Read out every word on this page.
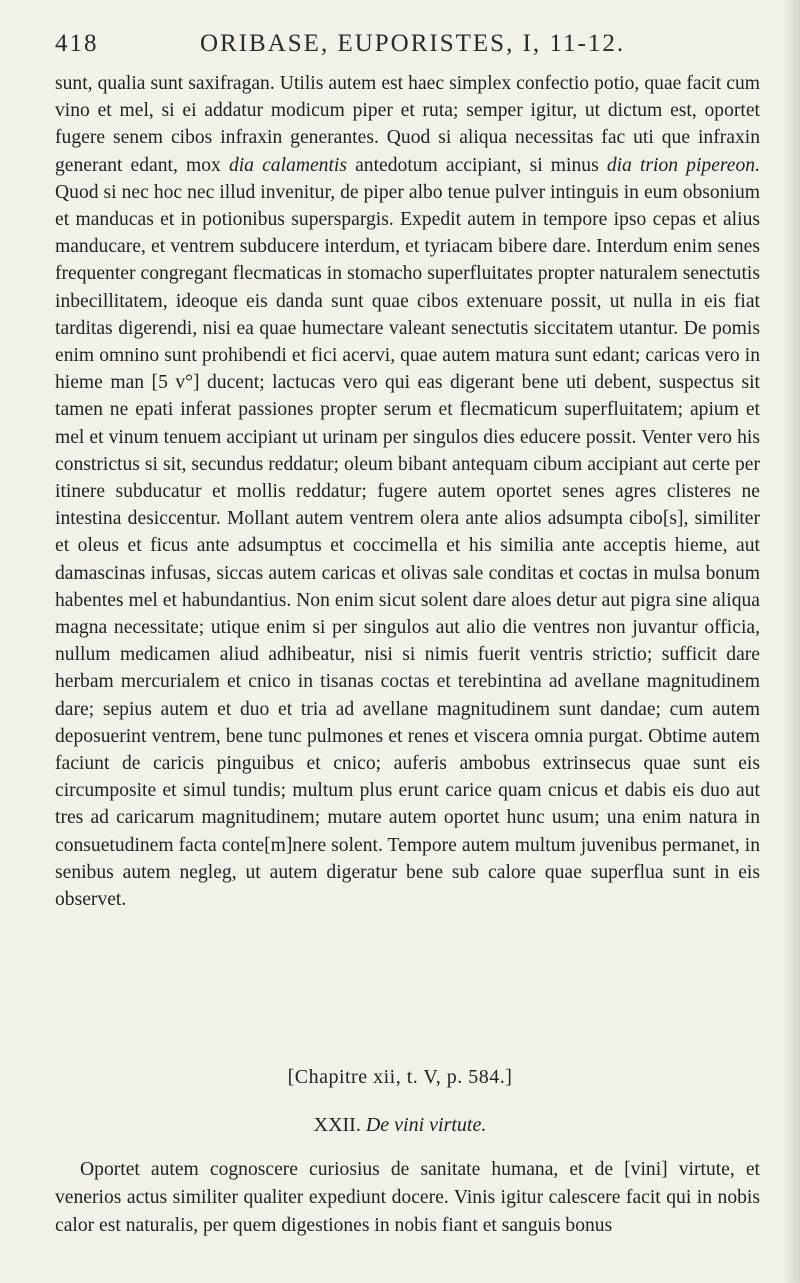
418	ORIBASE, EUPORISTES, I, 11-12.

sunt, qualia sunt saxifragan. Utilis autem est haec simplex confectio potio, quae facit cum vino et mel, si ei addatur modicum piper et ruta; semper igitur, ut dictum est, oportet fugere senem cibos infraxin generantes. Quod si aliqua necessitas fac uti que infraxin generant edant, mox dia calamentis antedotum accipiant, si minus dia trion pipereon. Quod si nec hoc nec illud invenitur, de piper albo tenue pulver intinguis in eum obsonium et manducas et in potionibus superspargis. Expedit autem in tempore ipso cepas et alius manducare, et ventrem subducere interdum, et tyriacam bibere dare. Interdum enim senes frequenter congregant flecmaticas in stomacho superfluitates propter naturalem senectutis inbecillitatem, ideoque eis danda sunt quae cibos extenuare possit, ut nulla in eis fiat tarditas digerendi, nisi ea quae humectare valeant senectutis siccitatem utantur. De pomis enim omnino sunt prohibendi et fici acervi, quae autem matura sunt edant; caricas vero in hieme man [5 v°] ducent; lactucas vero qui eas digerant bene uti debent, suspectus sit tamen ne epati inferat passiones propter serum et flecmaticum superfluitatem; apium et mel et vinum tenuem accipiant ut urinam per singulos dies educere possit. Venter vero his constrictus si sit, secundus reddatur; oleum bibant antequam cibum accipiant aut certe per itinere subducatur et mollis reddatur; fugere autem oportet senes agres clisteres ne intestina desiccentur. Mollant autem ventrem olera ante alios adsumpta cibo[s], similiter et oleus et ficus ante adsumptus et coccimella et his similia ante acceptis hieme, aut damascinas infusas, siccas autem caricas et olivas sale conditas et coctas in mulsa bonum habentes mel et habundantius. Non enim sicut solent dare aloes detur aut pigra sine aliqua magna necessitate; utique enim si per singulos aut alio die ventres non juvantur officia, nullum medicamen aliud adhibeatur, nisi si nimis fuerit ventris strictio; sufficit dare herbam mercurialem et cnico in tisanas coctas et terebintina ad avellane magnitudinem dare; sepius autem et duo et tria ad avellane magnitudinem sunt dandae; cum autem deposuerint ventrem, bene tunc pulmones et renes et viscera omnia purgat. Obtime autem faciunt de caricis pinguibus et cnico; auferis ambobus extrinsecus quae sunt eis circumposite et simul tundis; multum plus erunt carice quam cnicus et dabis eis duo aut tres ad caricarum magnitudinem; mutare autem oportet hunc usum; una enim natura in consuetudinem facta conte[m]nere solent. Tempore autem multum juvenibus permanet, in senibus autem negleg, ut autem digeratur bene sub calore quae superflua sunt in eis observet.

[Chapitre xii, t. V, p. 584.]
XXII. De vini virtute.

Oportet autem cognoscere curiosius de sanitate humana, et de [vini] virtute, et venerios actus similiter qualiter expediunt docere. Vinis igitur calescere facit qui in nobis calor est naturalis, per quem digestiones in nobis fiant et sanguis bonus
